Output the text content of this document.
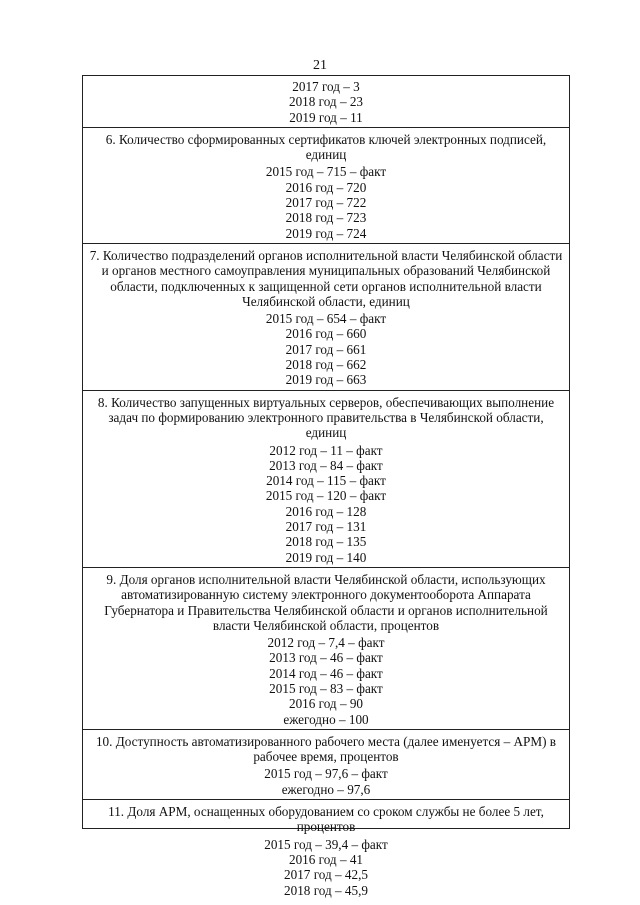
21
2017 год – 3
2018 год – 23
2019 год – 11
6. Количество сформированных сертификатов ключей электронных подписей, единиц
2015 год – 715 – факт
2016 год – 720
2017 год – 722
2018 год – 723
2019 год – 724
7. Количество подразделений органов исполнительной власти Челябинской области и органов местного самоуправления муниципальных образований Челябинской области, подключенных к защищенной сети органов исполнительной власти Челябинской области, единиц
2015 год – 654 – факт
2016 год – 660
2017 год – 661
2018 год – 662
2019 год – 663
8. Количество запущенных виртуальных серверов, обеспечивающих выполнение задач по формированию электронного правительства в Челябинской области, единиц
2012 год – 11 – факт
2013 год – 84 – факт
2014 год – 115 – факт
2015 год – 120 – факт
2016 год – 128
2017 год – 131
2018 год – 135
2019 год – 140
9. Доля органов исполнительной власти Челябинской области, использующих автоматизированную систему электронного документооборота Аппарата Губернатора и Правительства Челябинской области и органов исполнительной власти Челябинской области, процентов
2012 год – 7,4 – факт
2013 год – 46 – факт
2014 год – 46 – факт
2015 год – 83 – факт
2016 год – 90
ежегодно – 100
10. Доступность автоматизированного рабочего места (далее именуется – АРМ) в рабочее время, процентов
2015 год – 97,6 – факт
ежегодно – 97,6
11. Доля АРМ, оснащенных оборудованием со сроком службы не более 5 лет, процентов
2015 год – 39,4 – факт
2016 год – 41
2017 год – 42,5
2018 год – 45,9
